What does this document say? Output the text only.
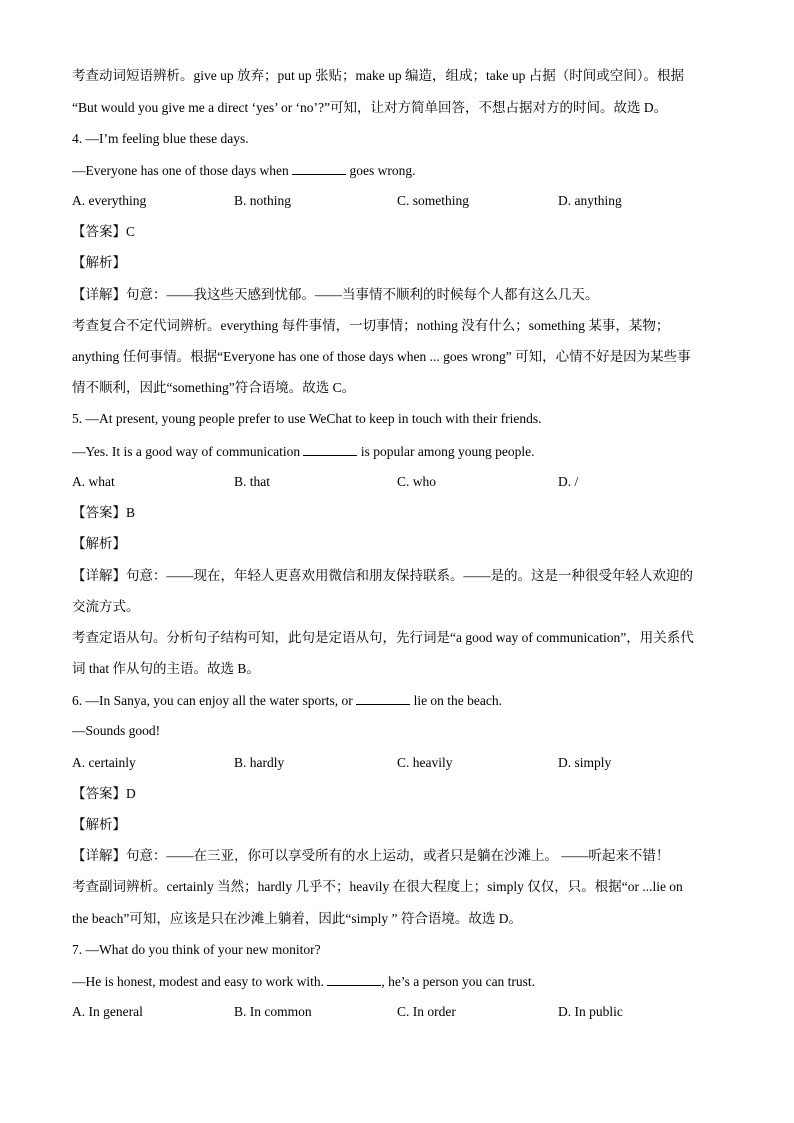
考查动词短语辨析。give up 放弃；put up 张贴；make up 编造，组成；take up 占据（时间或空间）。根据
“But would you give me a direct ‘yes’ or ‘no’?”可知，让对方简单回答，不想占据对方的时间。故选 D。
4. —I’m feeling blue these days.
—Everyone has one of those days when	goes wrong.
A. everything	B. nothing	C. something	D. anything
【答案】C
【解析】
【详解】句意：——我这些天感到忧郁。——当事情不顺利的时候每个人都有这么几天。
考查复合不定代词辨析。everything 每件事情，一切事情；nothing 没有什么；something 某事，某物；
anything 任何事情。根据“Everyone has one of those days when ... goes wrong” 可知，心情不好是因为某些事
情不顺利，因此“something”符合语境。故选 C。
5. —At present, young people prefer to use WeChat to keep in touch with their friends.
—Yes. It is a good way of communication	is popular among young people.
A. what	B. that	C. who	D. /
【答案】B
【解析】
【详解】句意：——现在，年轻人更喜欢用微信和朋友保持联系。——是的。这是一种很受年轻人欢迎的
交流方式。
考查定语从句。分析句子结构可知，此句是定语从句，先行词是“a good way of communication”，用关系代
词 that 作从句的主语。故选 B。
6. —In Sanya, you can enjoy all the water sports, or	lie on the beach.
—Sounds good!
A. certainly	B. hardly	C. heavily	D. simply
【答案】D
【解析】
【详解】句意：——在三亚，你可以享受所有的水上运动，或者只是躺在沙滩上。 ——听起来不错！
考查副词辨析。certainly 当然；hardly 几乎不；heavily 在很大程度上；simply 仅仅，只。根据“or ...lie on
the beach”可知，应该是只在沙滩上躺着，因此“simply ” 符合语境。故选 D。
7. —What do you think of your new monitor?
—He is honest, modest and easy to work with.	, he’s a person you can trust.
A. In general	B. In common	C. In order	D. In public
